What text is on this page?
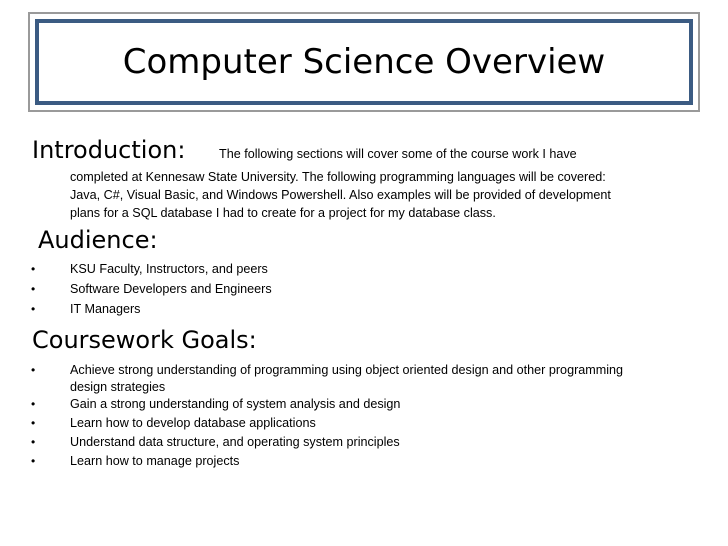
Computer Science Overview
Introduction:	The following sections will cover some of the course work I have
completed at Kennesaw State University. The following programming languages will be covered:
Java, C#, Visual Basic, and Windows Powershell. Also examples will be provided of development
plans for a SQL database I had to create for a project for my database class.
Audience:
•	KSU Faculty, Instructors, and peers
•	Software Developers and Engineers
•	IT Managers
Coursework Goals:
•	Achieve strong understanding of programming using object oriented design and other programming
design strategies
•	Gain a strong understanding of system analysis and design
•	Learn how to develop database applications
•	Understand data structure, and operating system principles
•	Learn how to manage projects
